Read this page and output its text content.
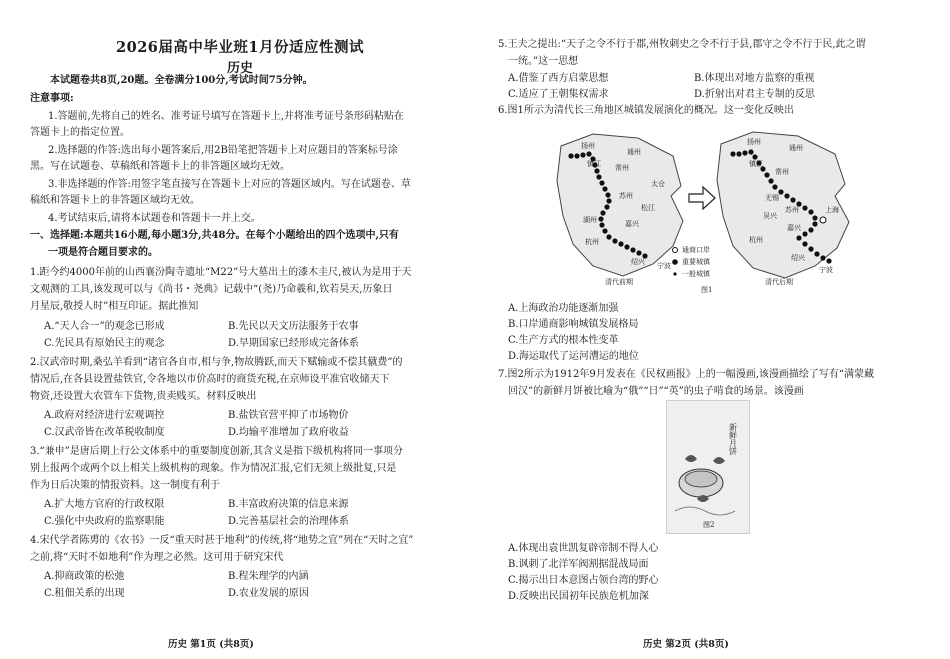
2026届高中毕业班1月份适应性测试
历史
本试题卷共8页,20题。全卷满分100分,考试时间75分钟。
注意事项:
1.答题前,先将自己的姓名、准考证号填写在答题卡上,并将准考证号条形码粘贴在
答题卡上的指定位置。
2.选择题的作答:选出每小题答案后,用2B铅笔把答题卡上对应题目的答案标号涂
黑。写在试题卷、草稿纸和答题卡上的非答题区域均无效。
3.非选择题的作答:用签字笔直接写在答题卡上对应的答题区域内。写在试题卷、草
稿纸和答题卡上的非答题区域均无效。
4.考试结束后,请将本试题卷和答题卡一并上交。
一、选择题:本题共16小题,每小题3分,共48分。在每个小题给出的四个选项中,只有
一项是符合题目要求的。
1.距今约4000年前的山西襄汾陶寺遗址“M22”号大墓出土的漆木圭尺,被认为是用于天
文观测的工具,该发现可以与《尚书・尧典》记载中“(尧)乃命羲和,钦若昊天,历象日
月星辰,敬授人时”相互印证。据此推知
A.“天人合一”的观念已形成	B.先民以天文历法服务于农事
C.先民具有原始民主的观念	D.早期国家已经形成完备体系
2.汉武帝时期,桑弘羊看到“诸官各自市,相与争,物故腾跃,而天下赋输或不偿其僦费”的
情况后,在各县设置盐铁官,令各地以市价高时的商货充税,在京师设平准官收储天下
物资,还设置大农管车下货物,贵卖贱买。材料反映出
A.政府对经济进行宏观调控	B.盐铁官营平抑了市场物价
C.汉武帝皆在改革税收制度	D.均输平准增加了政府收益
3.“兼申”是唐后期上行公文体系中的重要制度创新,其含义是指下级机构将同一事项分
别上报两个或两个以上相关上级机构的现象。作为情况汇报,它们无须上级批复,只是
作为日后决策的情报资料。这一制度有利于
A.扩大地方官府的行政权限	B.丰富政府决策的信息来源
C.强化中央政府的监察职能	D.完善基层社会的治理体系
4.宋代学者陈旉的《农书》一反“重天时甚于地利”的传统,将“地势之宜”列在“天时之宜”
之前,将“天时不如地利”作为理之必然。这可用于研究宋代
A.抑商政策的松弛	B.程朱理学的内涵
C.租佃关系的出现	D.农业发展的原因
历史 第1页 (共8页)
5.王夫之提出:“天子之令不行于郡,州牧刺史之令不行于县,郡守之令不行于民,此之谓
一统。”这一思想
A.借鉴了西方启蒙思想	B.体现出对地方监察的重视
C.适应了王朝集权需求	D.折射出对君主专制的反思
6.图1所示为清代长三角地区城镇发展演化的概况。这一变化反映出
扬州
镇江
通州
常州
太仓
苏州
松江
湖州	嘉兴
杭州
绍兴 宁波
清代前期
通商口岸
重要城镇
一般城镇
扬州
通州
镇江
常州
无锡
苏州	上海
吴兴
嘉兴
杭州
绍兴
宁波
清代后期
图1
A.上海政治功能逐渐加强
B.口岸通商影响城镇发展格局
C.生产方式的根本性变革
D.海运取代了运河漕运的地位
7.图2所示为1912年9月发表在《民权画报》上的一幅漫画,该漫画描绘了写有“满蒙藏
回汉”的新鲜月饼被比喻为“俄”“日”“英”的虫子啃食的场景。该漫画
新鲜月饼
图2
A.体现出袁世凯复辟帝制不得人心
B.讽刺了北洋军阀割据混战局面
C.揭示出日本意图占领台湾的野心
D.反映出民国初年民族危机加深
历史 第2页 (共8页)
